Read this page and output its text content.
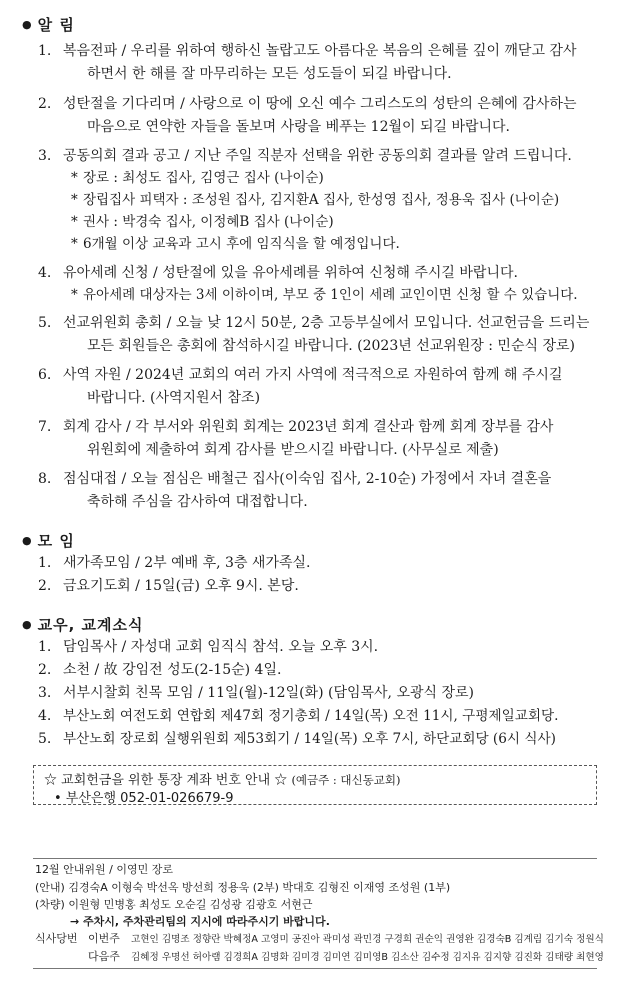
● 알 림
1. 복음전파 / 우리를 위하여 행하신 놀랍고도 아름다운 복음의 은혜를 깊이 깨닫고 감사
하면서 한 해를 잘 마무리하는 모든 성도들이 되길 바랍니다.
2. 성탄절을 기다리며 / 사랑으로 이 땅에 오신 예수 그리스도의 성탄의 은혜에 감사하는
마음으로 연약한 자들을 돌보며 사랑을 베푸는 12월이 되길 바랍니다.
3. 공동의회 결과 공고 / 지난 주일 직분자 선택을 위한 공동의회 결과를 알려 드립니다.
* 장로 : 최성도 집사, 김영근 집사 (나이순)
* 장립집사 피택자 : 조성원 집사, 김지환A 집사, 한성영 집사, 정용욱 집사 (나이순)
* 권사 : 박경숙 집사, 이정혜B 집사 (나이순)
* 6개월 이상 교육과 고시 후에 임직식을 할 예정입니다.
4. 유아세례 신청 / 성탄절에 있을 유아세례를 위하여 신청해 주시길 바랍니다.
* 유아세례 대상자는 3세 이하이며, 부모 중 1인이 세례 교인이면 신청 할 수 있습니다.
5. 선교위원회 총회 / 오늘 낮 12시 50분, 2층 고등부실에서 모입니다. 선교헌금을 드리는
모든 회원들은 총회에 참석하시길 바랍니다. (2023년 선교위원장 : 민순식 장로)
6. 사역 자원 / 2024년 교회의 여러 가지 사역에 적극적으로 자원하여 함께 해 주시길
바랍니다. (사역지원서 참조)
7. 회계 감사 / 각 부서와 위원회 회계는 2023년 회계 결산과 함께 회계 장부를 감사
위원회에 제출하여 회계 감사를 받으시길 바랍니다. (사무실로 제출)
8. 점심대접 / 오늘 점심은 배철근 집사(이숙임 집사, 2-10순) 가정에서 자녀 결혼을
축하해 주심을 감사하여 대접합니다.
● 모 임
1. 새가족모임 / 2부 예배 후, 3층 새가족실.
2. 금요기도회 / 15일(금) 오후 9시. 본당.
● 교우, 교계소식
1. 담임목사 / 자성대 교회 임직식 참석. 오늘 오후 3시.
2. 소천 / 故 강임전 성도(2-15순) 4일.
3. 서부시찰회 친목 모임 / 11일(월)-12일(화) (담임목사, 오광식 장로)
4. 부산노회 여전도회 연합회 제47회 정기총회 / 14일(목) 오전 11시, 구평제일교회당.
5. 부산노회 장로회 실행위원회 제53회기 / 14일(목) 오후 7시, 하단교회당 (6시 식사)
☆ 교회헌금을 위한 통장 계좌 번호 안내 ☆ (예금주 : 대신동교회)
• 부산은행 052-01-026679-9
12월 안내위원 / 이영민 장로
(안내) 김경숙A 이형숙 박선옥 방선희 정용욱 (2부) 박대호 김형진 이재영 조성원 (1부)
(차량) 이원형 민병홍 최성도 오순길 김성광 김광호 서현근
→ 주차시, 주차관리팀의 지시에 따라주시기 바랍니다.
식사당번 이번주 고현인 김명조 정향란 박혜정A 고영미 공진아 곽미성 곽민경 구경희 권순익 권영완 김경숙B 김계림 김기숙 정원식
다음주 김혜정 우명선 허아램 김경희A 김명화 김미경 김미연 김미영B 김소산 김수정 김지유 김지향 김진화 김태량 최현영
